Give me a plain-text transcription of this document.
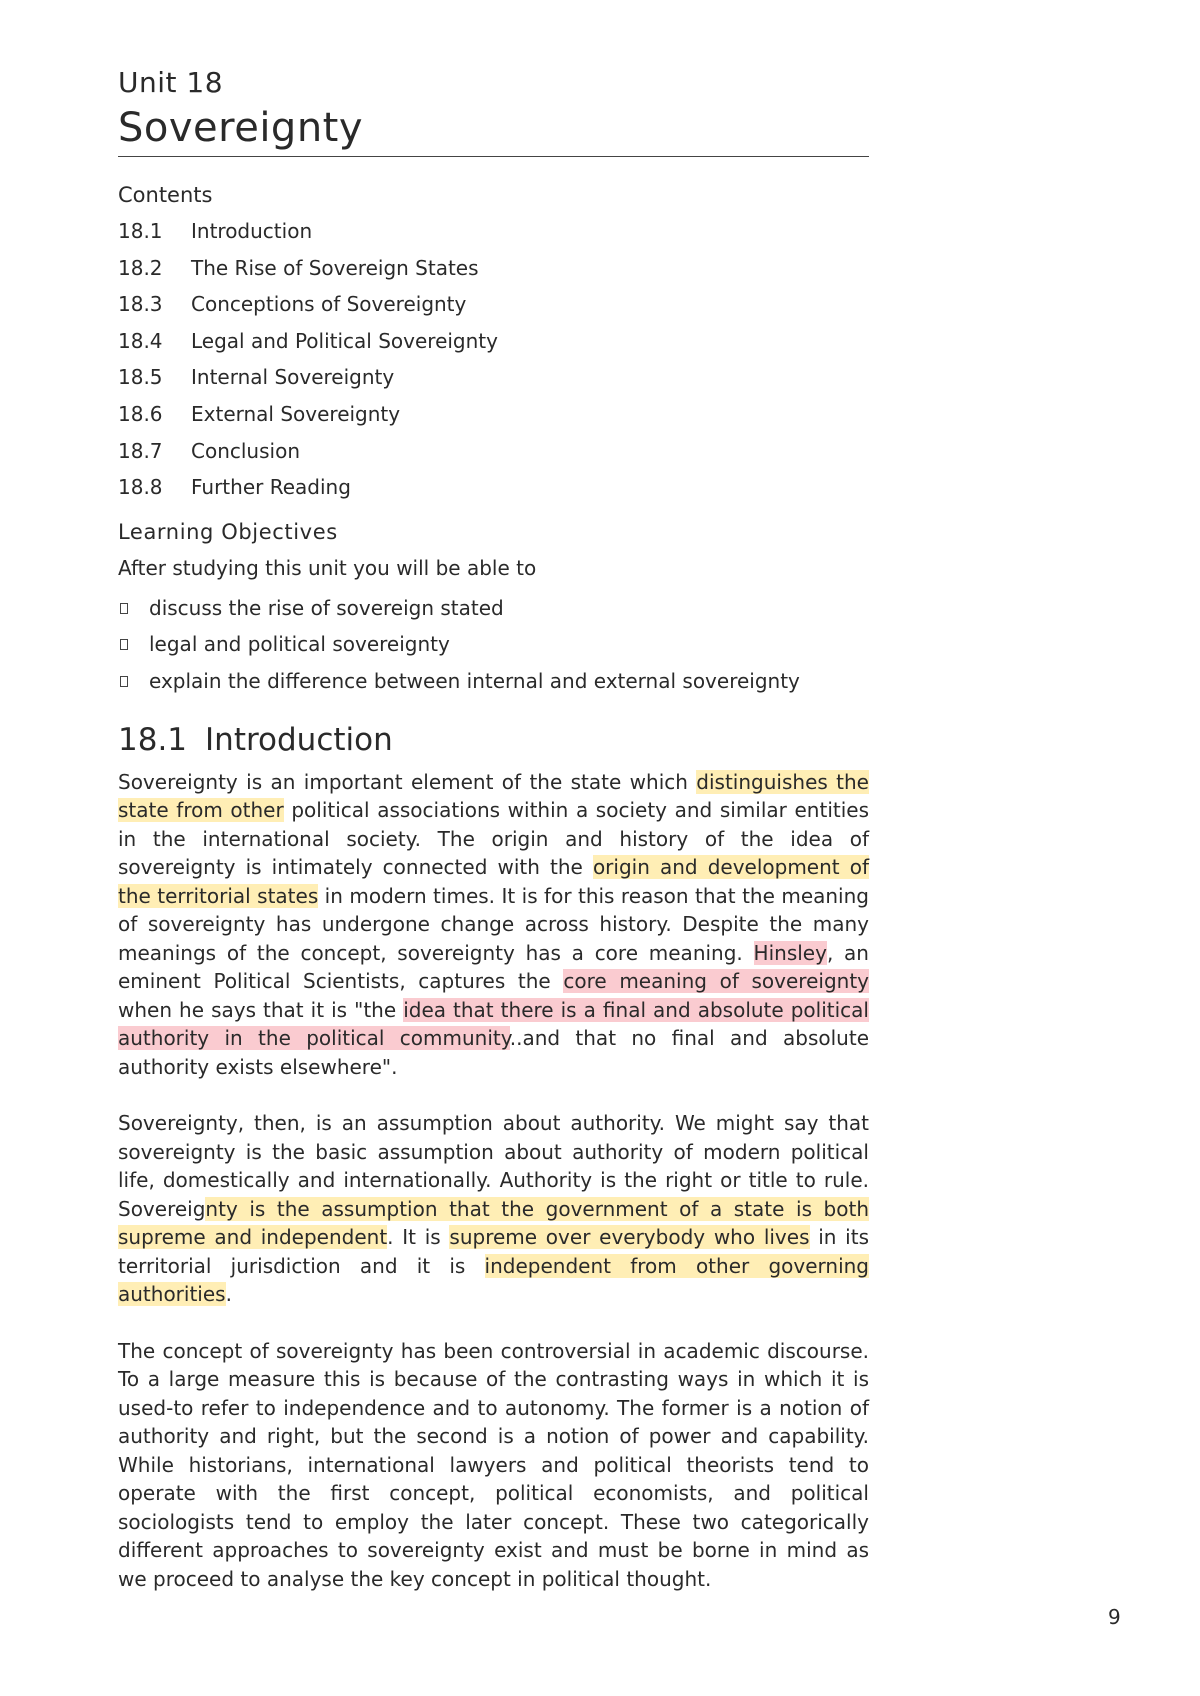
Unit 18
Sovereignty
Contents
18.1	Introduction
18.2	The Rise of Sovereign States
18.3	Conceptions of Sovereignty
18.4	Legal and Political Sovereignty
18.5	Internal Sovereignty
18.6	External Sovereignty
18.7	Conclusion
18.8	Further Reading
Learning Objectives
After studying this unit you will be able to
discuss the rise of sovereign stated
legal and political sovereignty
explain the difference between internal and external sovereignty
18.1 Introduction

Sovereignty is an important element of the state which distinguishes the state from other political associations within a society and similar entities in the international society. The origin and history of the idea of sovereignty is intimately connected with the origin and development of the territorial states in modern times. It is for this reason that the meaning of sovereignty has undergone change across history. Despite the many meanings of the concept, sovereignty has a core meaning. Hinsley, an eminent Political Scientists, captures the core meaning of sovereignty when he says that it is "the idea that there is a final and absolute political authority in the political community..and that no final and absolute authority exists elsewhere".

Sovereignty, then, is an assumption about authority. We might say that sovereignty is the basic assumption about authority of modern political life, domestically and internationally. Authority is the right or title to rule. Sovereignty is the assumption that the government of a state is both supreme and independent. It is supreme over everybody who lives in its territorial jurisdiction and it is independent from other governing authorities.

The concept of sovereignty has been controversial in academic discourse. To a large measure this is because of the contrasting ways in which it is used-to refer to independence and to autonomy. The former is a notion of authority and right, but the second is a notion of power and capability. While historians, international lawyers and political theorists tend to operate with the first concept, political economists, and political sociologists tend to employ the later concept. These two categorically different approaches to sovereignty exist and must be borne in mind as we proceed to analyse the key concept in political thought.

9
